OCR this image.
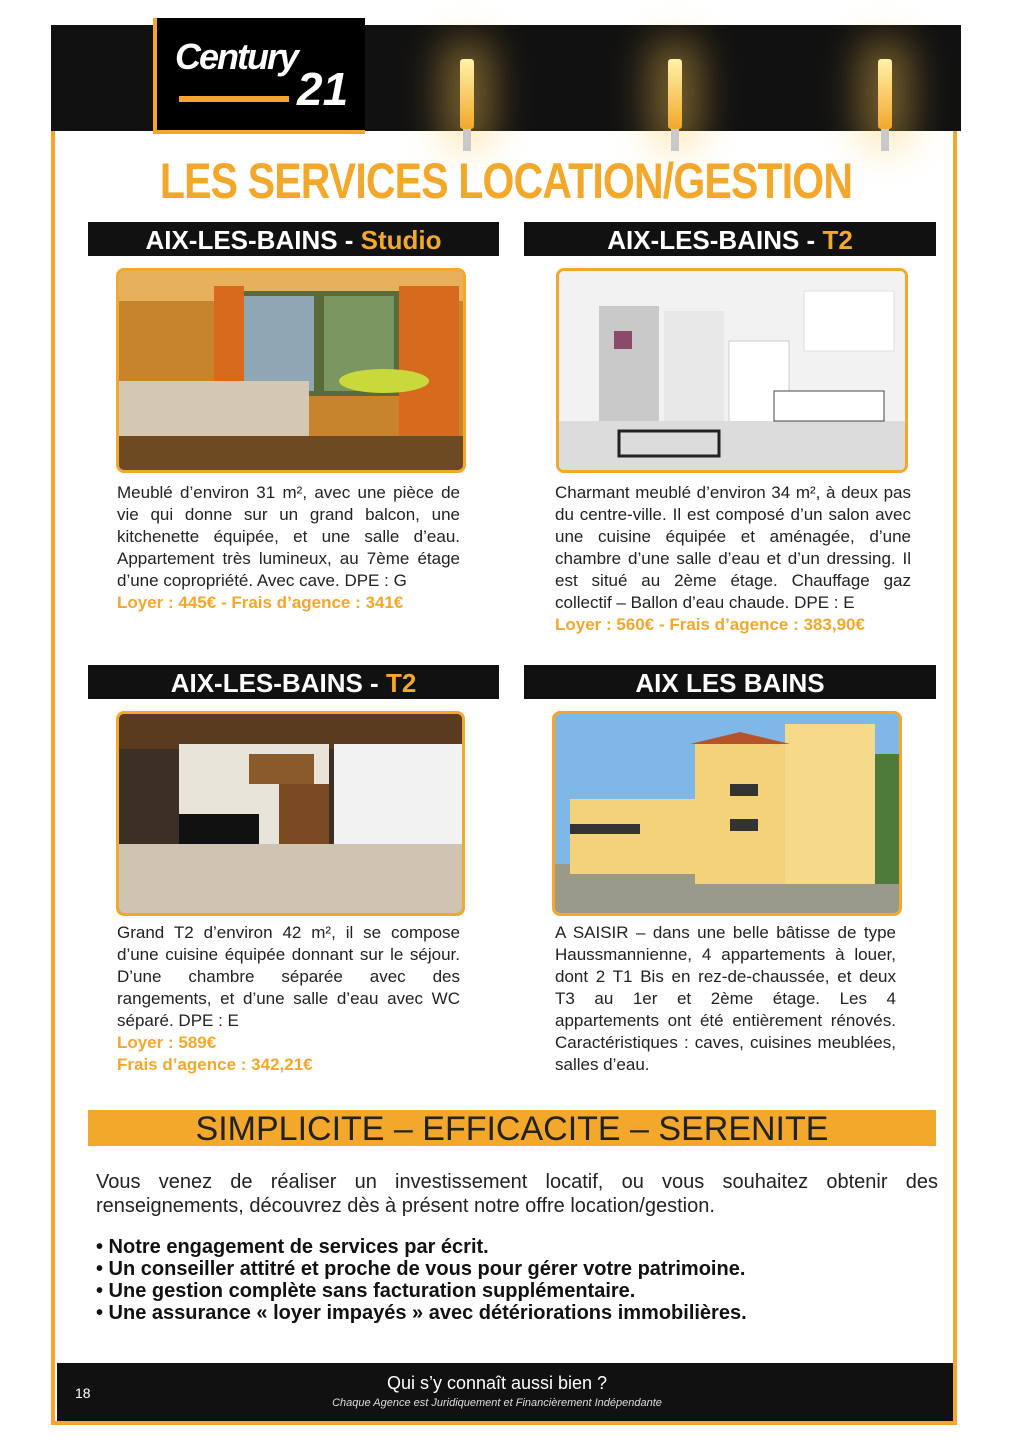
Century
21
LES SERVICES LOCATION/GESTION
AIX-LES-BAINS - Studio
Meublé d’environ 31 m², avec une pièce de vie qui donne sur un grand balcon, une kitchenette équipée, et une salle d’eau. Appartement très lumineux, au 7ème étage d’une copropriété. Avec cave. DPE : G
Loyer : 445€ - Frais d’agence : 341€
AIX-LES-BAINS - T2
Charmant meublé d’environ 34 m², à deux pas du centre-ville. Il est composé d’un salon avec une cuisine équipée et aménagée, d’une chambre d’une salle d’eau et d’un dressing. Il est situé au 2ème étage. Chauffage gaz collectif – Ballon d’eau chaude. DPE : E
Loyer : 560€ - Frais d’agence : 383,90€
AIX-LES-BAINS - T2
Grand T2 d’environ 42 m², il se compose d’une cuisine équipée donnant sur le séjour. D’une chambre séparée avec des rangements, et d’une salle d’eau avec WC séparé. DPE : E
Loyer : 589€
Frais d’agence : 342,21€
AIX LES BAINS
A SAISIR – dans une belle bâtisse de type Haussmannienne, 4 appartements à louer, dont 2 T1 Bis en rez-de-chaussée, et deux T3 au 1er et 2ème étage. Les 4 appartements ont été entièrement rénovés. Caractéristiques : caves, cuisines meublées, salles d’eau.
SIMPLICITE – EFFICACITE – SERENITE
Vous venez de réaliser un investissement locatif, ou vous souhaitez obtenir des renseignements, découvrez dès à présent notre offre location/gestion.
• Notre engagement de services par écrit.
• Un conseiller attitré et proche de vous pour gérer votre patrimoine.
• Une gestion complète sans facturation supplémentaire.
• Une assurance « loyer impayés » avec détériorations immobilières.
18	Qui s’y connaît aussi bien ?
Chaque Agence est Juridiquement et Financièrement Indépendante
